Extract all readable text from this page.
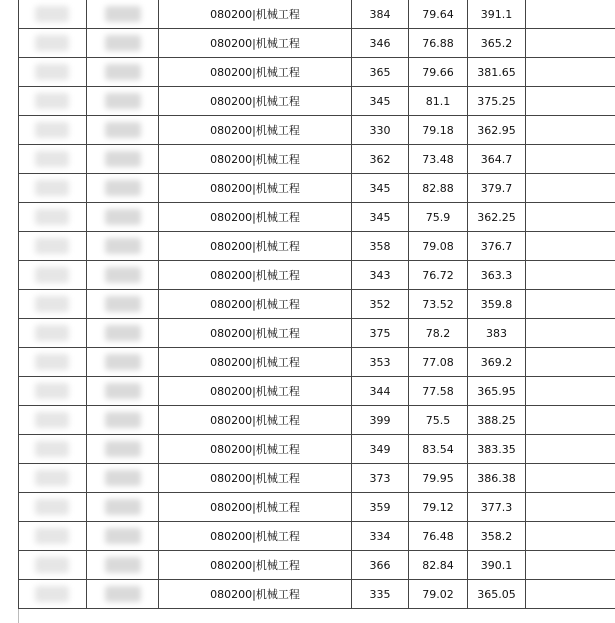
	080200|机械工程	384	79.64	391.1	

	080200|机械工程	346	76.88	365.2	

	080200|机械工程	365	79.66	381.65	

	080200|机械工程	345	81.1	375.25	

	080200|机械工程	330	79.18	362.95	

	080200|机械工程	362	73.48	364.7	

	080200|机械工程	345	82.88	379.7	

	080200|机械工程	345	75.9	362.25	

	080200|机械工程	358	79.08	376.7	

	080200|机械工程	343	76.72	363.3	

	080200|机械工程	352	73.52	359.8	

	080200|机械工程	375	78.2	383	

	080200|机械工程	353	77.08	369.2	

	080200|机械工程	344	77.58	365.95	

	080200|机械工程	399	75.5	388.25	

	080200|机械工程	349	83.54	383.35	

	080200|机械工程	373	79.95	386.38	

	080200|机械工程	359	79.12	377.3	

	080200|机械工程	334	76.48	358.2	

	080200|机械工程	366	82.84	390.1	

	080200|机械工程	335	79.02	365.05	
